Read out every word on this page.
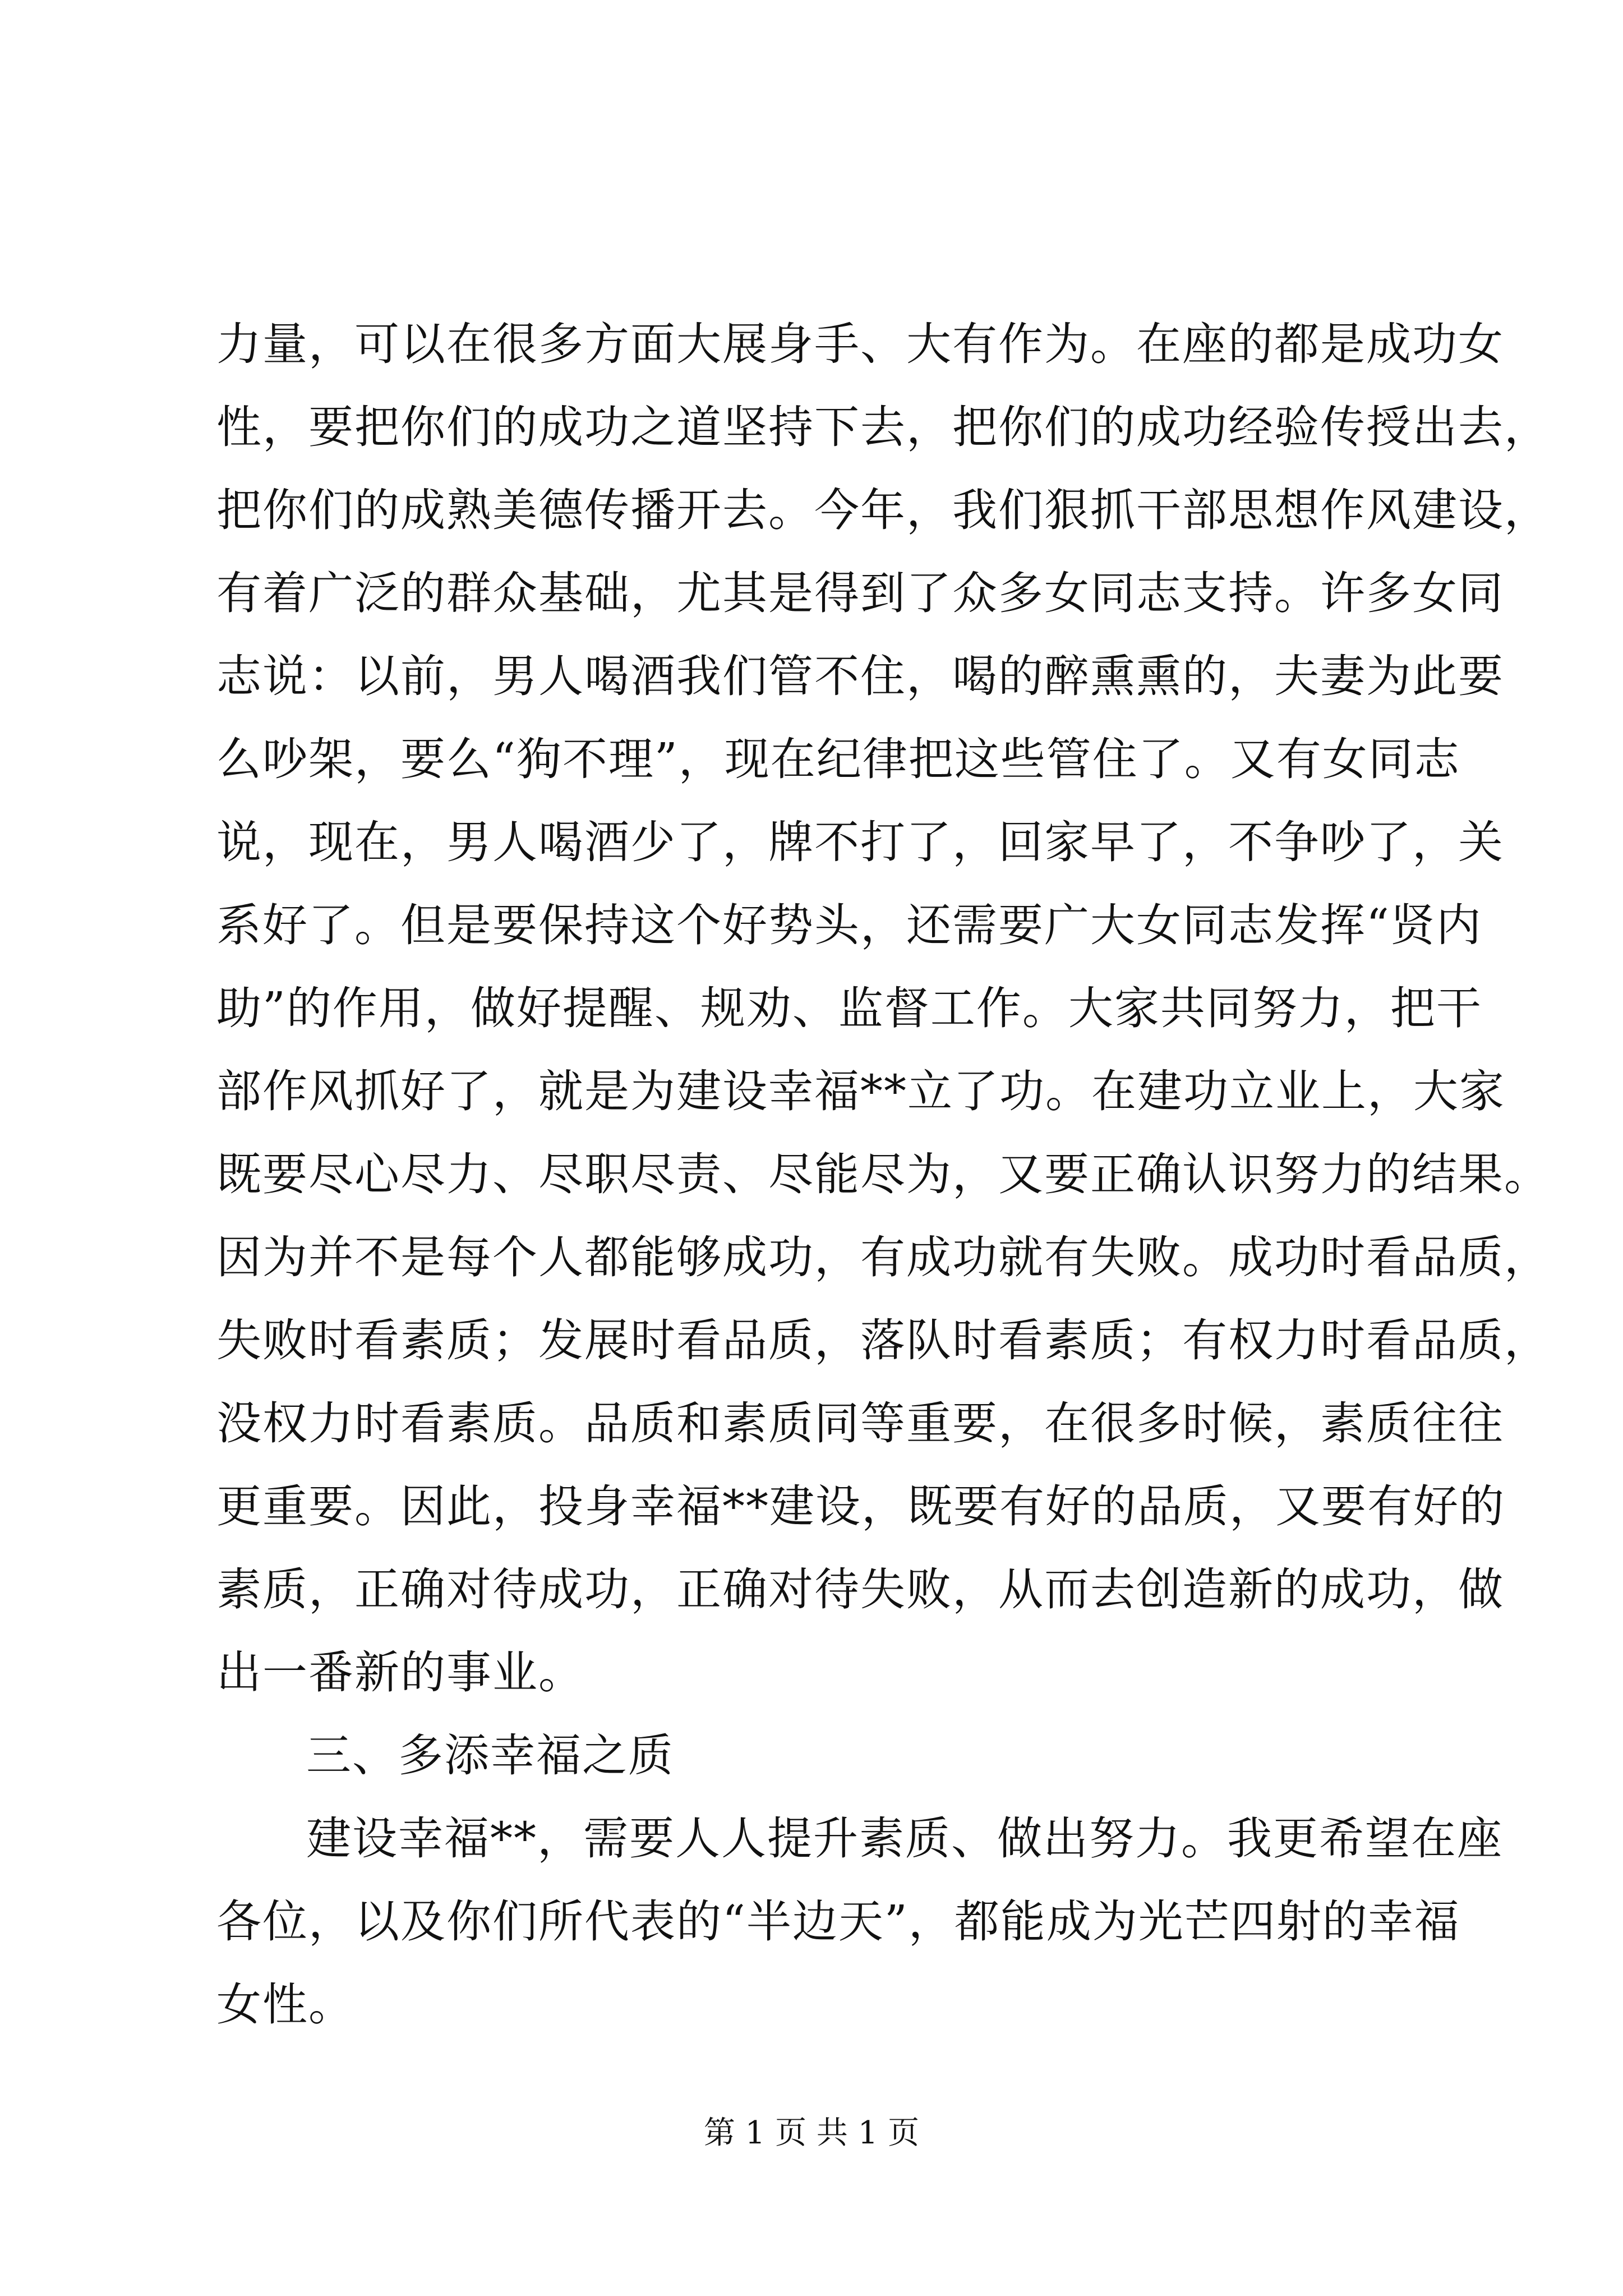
力量，可以在很多方面大展身手、大有作为。在座的都是成功女
性，要把你们的成功之道坚持下去，把你们的成功经验传授出去，
把你们的成熟美德传播开去。今年，我们狠抓干部思想作风建设，
有着广泛的群众基础，尤其是得到了众多女同志支持。许多女同
志说：以前，男人喝酒我们管不住，喝的醉熏熏的，夫妻为此要
么吵架，要么“狗不理”，现在纪律把这些管住了。又有女同志
说，现在，男人喝酒少了，牌不打了，回家早了，不争吵了，关
系好了。但是要保持这个好势头，还需要广大女同志发挥“贤内
助”的作用，做好提醒、规劝、监督工作。大家共同努力，把干
部作风抓好了，就是为建设幸福**立了功。在建功立业上，大家
既要尽心尽力、尽职尽责、尽能尽为，又要正确认识努力的结果。
因为并不是每个人都能够成功，有成功就有失败。成功时看品质，
失败时看素质；发展时看品质，落队时看素质；有权力时看品质，
没权力时看素质。品质和素质同等重要，在很多时候，素质往往
更重要。因此，投身幸福**建设，既要有好的品质，又要有好的
素质，正确对待成功，正确对待失败，从而去创造新的成功，做
出一番新的事业。
三、多添幸福之质
建设幸福**，需要人人提升素质、做出努力。我更希望在座
各位，以及你们所代表的“半边天”，都能成为光芒四射的幸福
女性。
第 1 页 共 1 页
